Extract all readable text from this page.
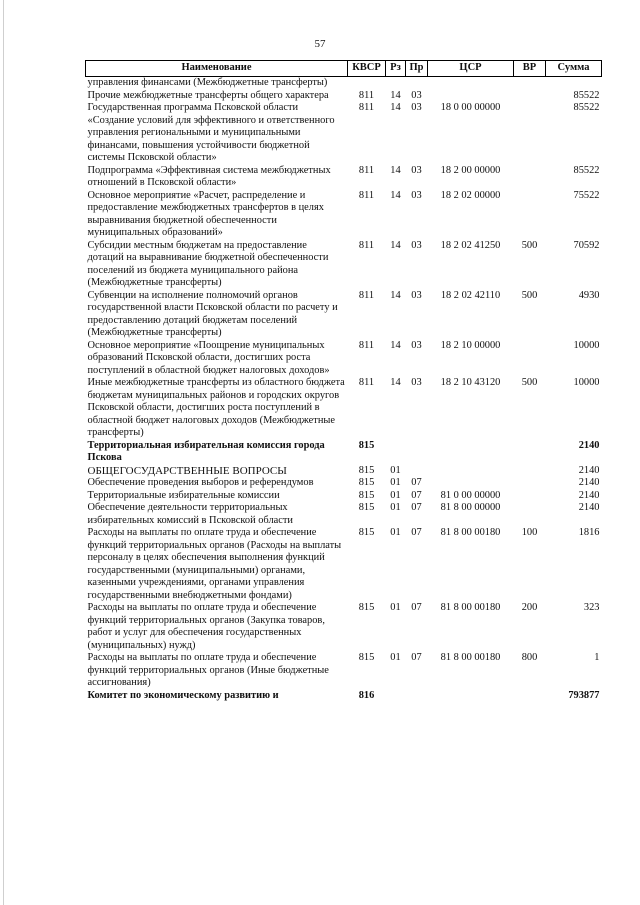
57
Наименование	КВСР	Рз	Пр	ЦСР	ВР	Сумма
управления финансами (Межбюджетные трансферты)						
Прочие межбюджетные трансферты общего характера	811	14	03			85522
Государственная программа Псковской области «Создание условий для эффективного и ответственного управления региональными и муниципальными финансами, повышения устойчивости бюджетной системы Псковской области»	811	14	03	18 0 00 00000		85522
Подпрограмма «Эффективная система межбюджетных отношений в Псковской области»	811	14	03	18 2 00 00000		85522
Основное мероприятие «Расчет, распределение и предоставление межбюджетных трансфертов в целях выравнивания бюджетной обеспеченности муниципальных образований»	811	14	03	18 2 02 00000		75522
Субсидии местным бюджетам на предоставление дотаций на выравнивание бюджетной обеспеченности поселений из бюджета муниципального района (Межбюджетные трансферты)	811	14	03	18 2 02 41250	500	70592
Субвенции на исполнение полномочий органов государственной власти Псковской области по расчету и предоставлению дотаций бюджетам поселений (Межбюджетные трансферты)	811	14	03	18 2 02 42110	500	4930
Основное мероприятие «Поощрение муниципальных образований Псковской области, достигших роста поступлений в областной бюджет налоговых доходов»	811	14	03	18 2 10 00000		10000
Иные межбюджетные трансферты из областного бюджета бюджетам муниципальных районов и городских округов Псковской области, достигших роста поступлений в областной бюджет налоговых доходов (Межбюджетные трансферты)	811	14	03	18 2 10 43120	500	10000
Территориальная избирательная комиссия города Пскова	815					2140
ОБЩЕГОСУДАРСТВЕННЫЕ ВОПРОСЫ	815	01				2140
Обеспечение проведения выборов и референдумов	815	01	07			2140
Территориальные избирательные комиссии	815	01	07	81 0 00 00000		2140
Обеспечение деятельности территориальных избирательных комиссий в Псковской области	815	01	07	81 8 00 00000		2140
Расходы на выплаты по оплате труда и обеспечение функций территориальных органов (Расходы на выплаты персоналу в целях обеспечения выполнения функций государственными (муниципальными) органами, казенными учреждениями, органами управления государственными внебюджетными фондами)	815	01	07	81 8 00 00180	100	1816
Расходы на выплаты по оплате труда и обеспечение функций территориальных органов (Закупка товаров, работ и услуг для обеспечения государственных (муниципальных) нужд)	815	01	07	81 8 00 00180	200	323
Расходы на выплаты по оплате труда и обеспечение функций территориальных органов (Иные бюджетные ассигнования)	815	01	07	81 8 00 00180	800	1
Комитет по экономическому развитию и	816					793877
